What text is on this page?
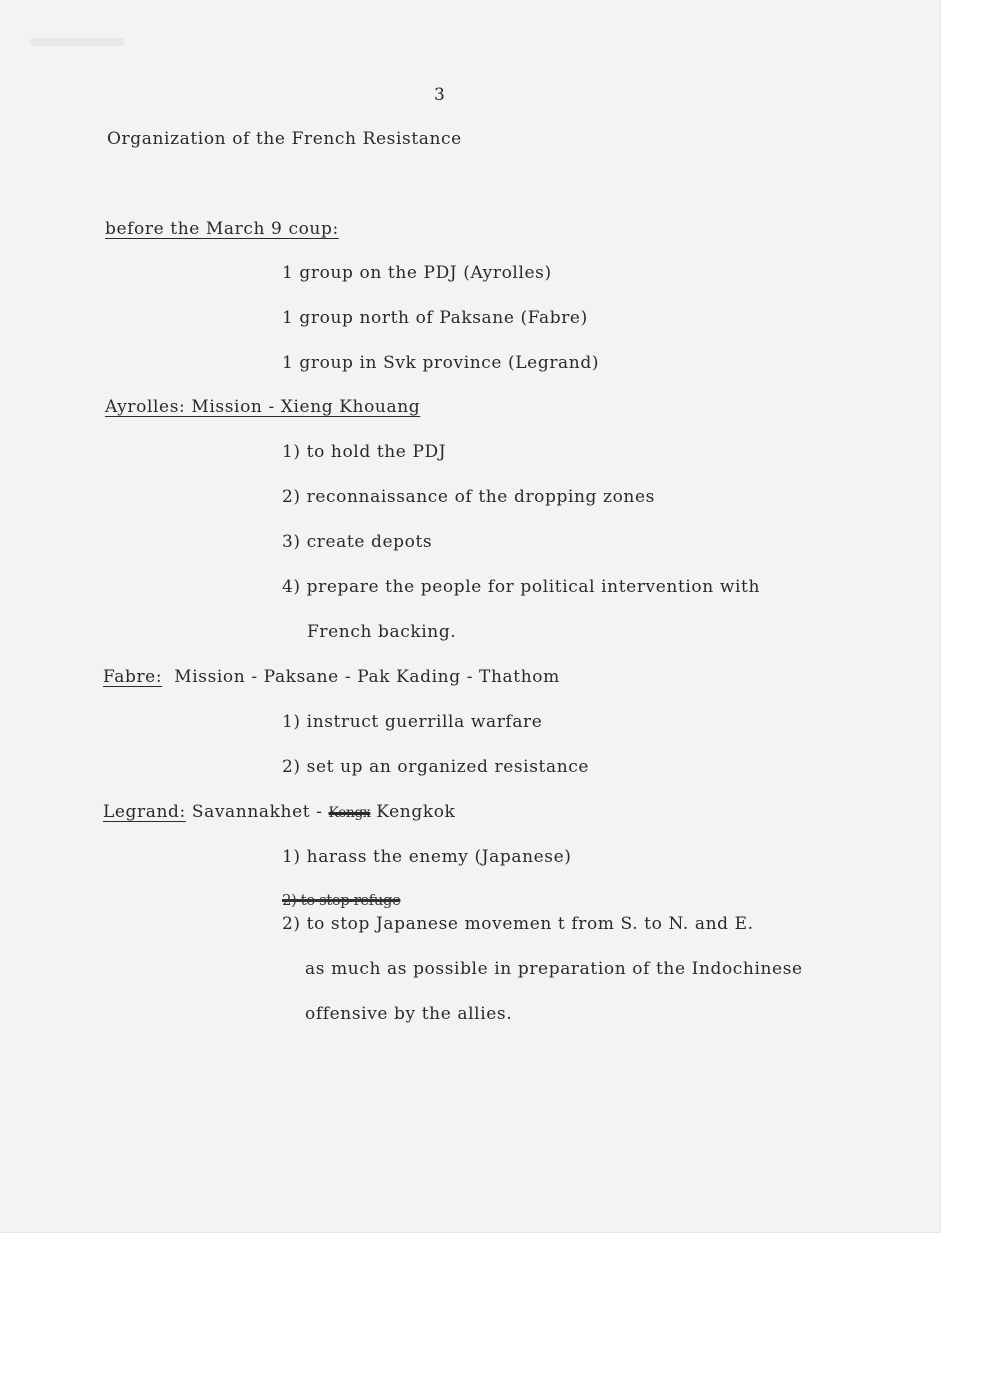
3
Organization of the French Resistance
before the March 9 coup:
1 group on the PDJ (Ayrolles)
1 group north of Paksane (Fabre)
1 group in Svk province (Legrand)
Ayrolles: Mission - Xieng Khouang
1) to hold the PDJ
2) reconnaissance of the dropping zones
3) create depots
4) prepare the people for political intervention with
French backing.
Fabre: Mission - Paksane - Pak Kading - Thathom
1) instruct guerrilla warfare
2) set up an organized resistance
Legrand: Savannakhet - Kengx Kengkok
1) harass the enemy (Japanese)
2) to stop refuge
2) to stop Japanese movemen t from S. to N. and E.
as much as possible in preparation of the Indochinese
offensive by the allies.
